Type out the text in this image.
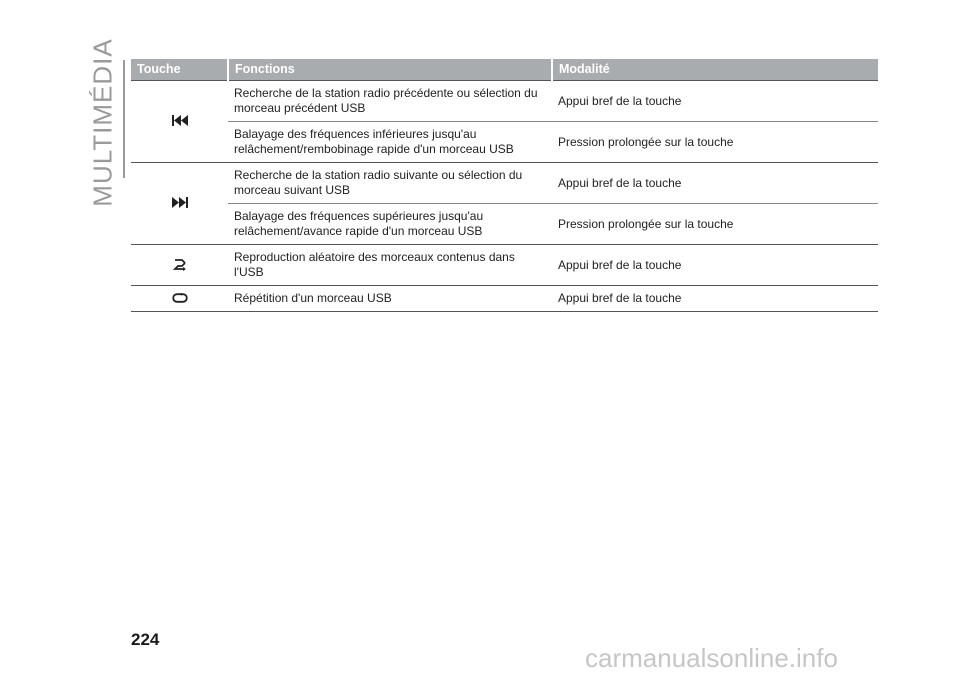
MULTIMÉDIA Touche	Fonctions	Modalité
	Recherche de la station radio précédente ou sélection du morceau précédent USB	Appui bref de la touche
	Balayage des fréquences inférieures jusqu'au relâchement/rembobinage rapide d'un morceau USB	Pression prolongée sur la touche
	Recherche de la station radio suivante ou sélection du morceau suivant USB	Appui bref de la touche
	Balayage des fréquences supérieures jusqu'au relâchement/avance rapide d'un morceau USB	Pression prolongée sur la touche
	Reproduction aléatoire des morceaux contenus dans l'USB	Appui bref de la touche
	Répétition d'un morceau USB	Appui bref de la touche
224
carmanualsonline.info
